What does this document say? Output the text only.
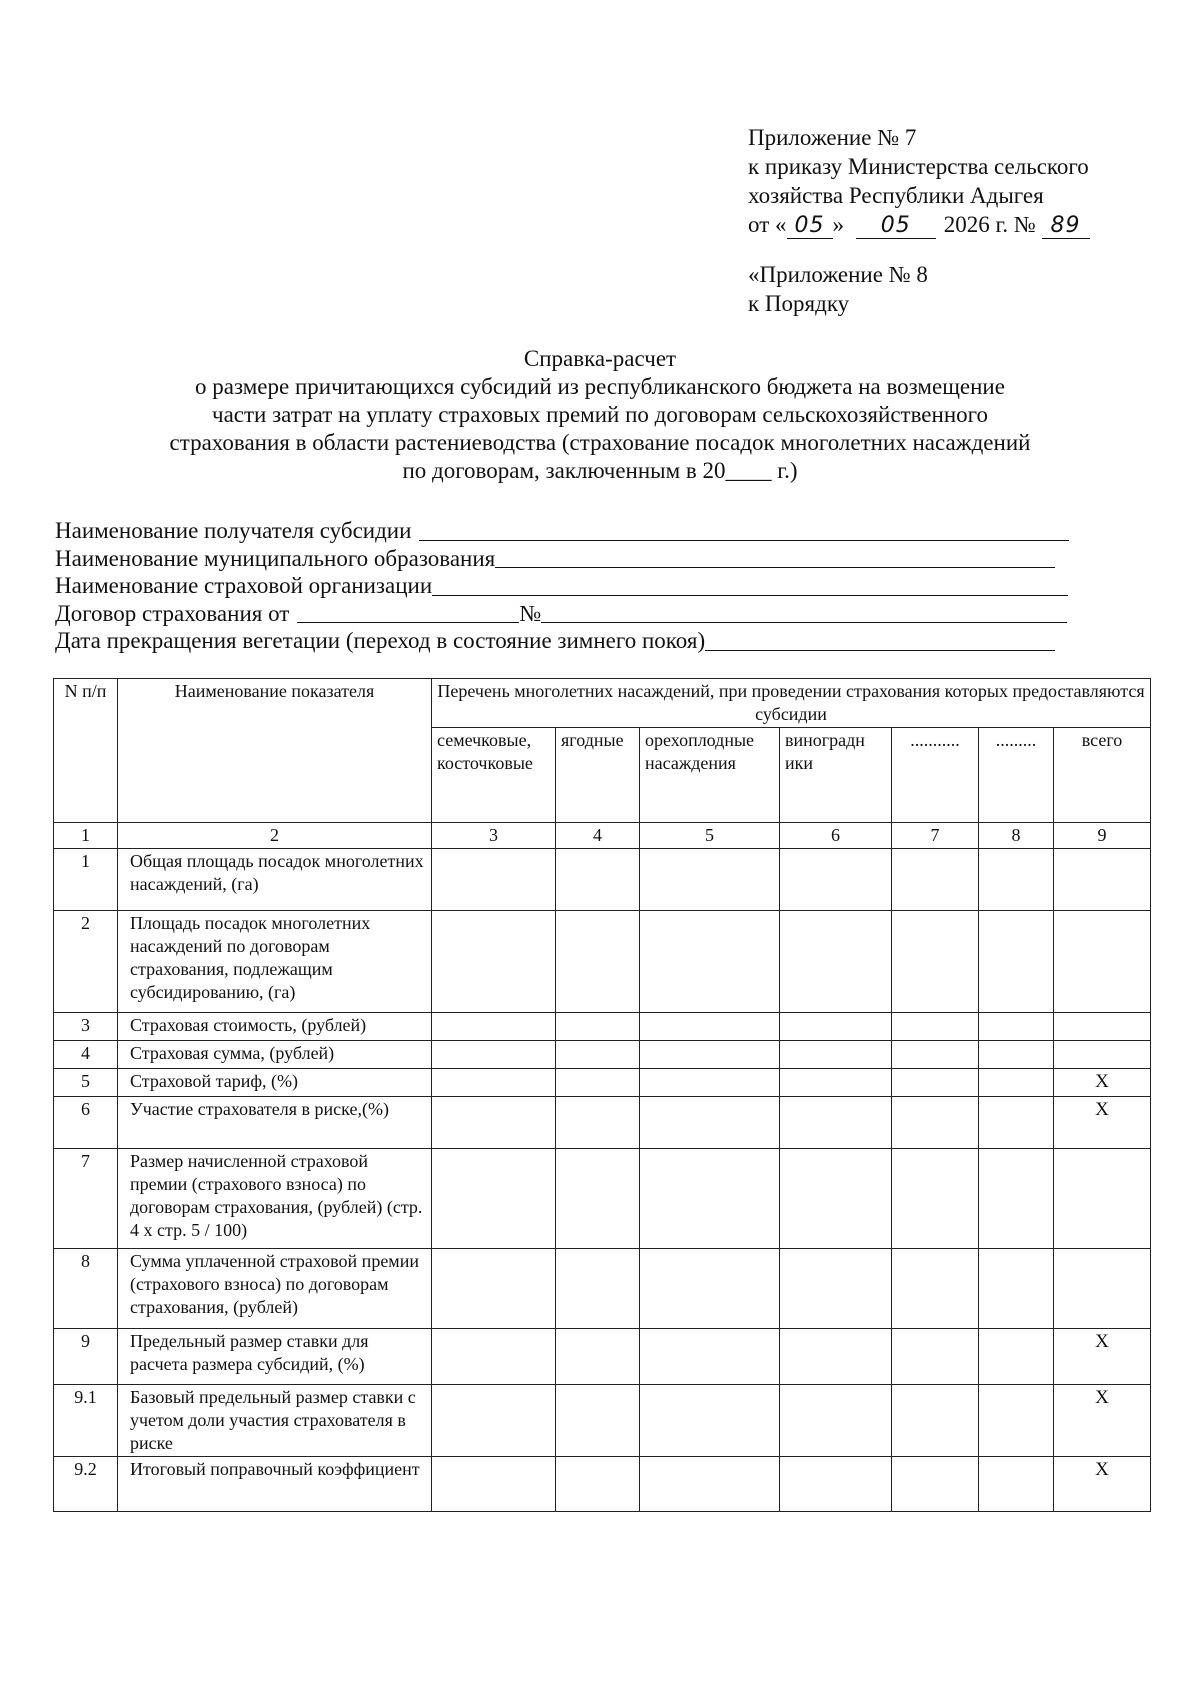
Приложение № 7
к приказу Министерства сельского
хозяйства Республики Адыгея
от « 05 » 05 2026 г. № 89
«Приложение № 8
к Порядку
Справка-расчет
о размере причитающихся субсидий из республиканского бюджета на возмещение
части затрат на уплату страховых премий по договорам сельскохозяйственного
страхования в области растениеводства (страхование посадок многолетних насаждений
по договорам, заключенным в 20____ г.)
Наименование получателя субсидии
Наименование муниципального образования
Наименование страховой организации
Договор страхования от	№
Дата прекращения вегетации (переход в состояние зимнего покоя)
N п/п	Наименование показателя	Перечень многолетних насаждений, при проведении страхования которых предоставляются субсидии						
		семечковые, косточковые	ягодные	орехоплодные насаждения	виноградн ики	...........	.........	всего
1	2	3	4	5	6	7	8	9
1	Общая площадь посадок многолетних насаждений, (га)							
2	Площадь посадок многолетних насаждений по договорам страхования, подлежащим субсидированию, (га)							
3	Страховая стоимость, (рублей)							
4	Страховая сумма, (рублей)							
5	Страховой тариф, (%)							Х
6	Участие страхователя в риске,(%)							Х
7	Размер начисленной страховой премии (страхового взноса) по договорам страхования, (рублей) (стр. 4 х стр. 5 / 100)							
8	Сумма уплаченной страховой премии (страхового взноса) по договорам страхования, (рублей)							
9	Предельный размер ставки для расчета размера субсидий, (%)							Х
9.1	Базовый предельный размер ставки с учетом доли участия страхователя в риске							Х
9.2	Итоговый поправочный коэффициент							Х
